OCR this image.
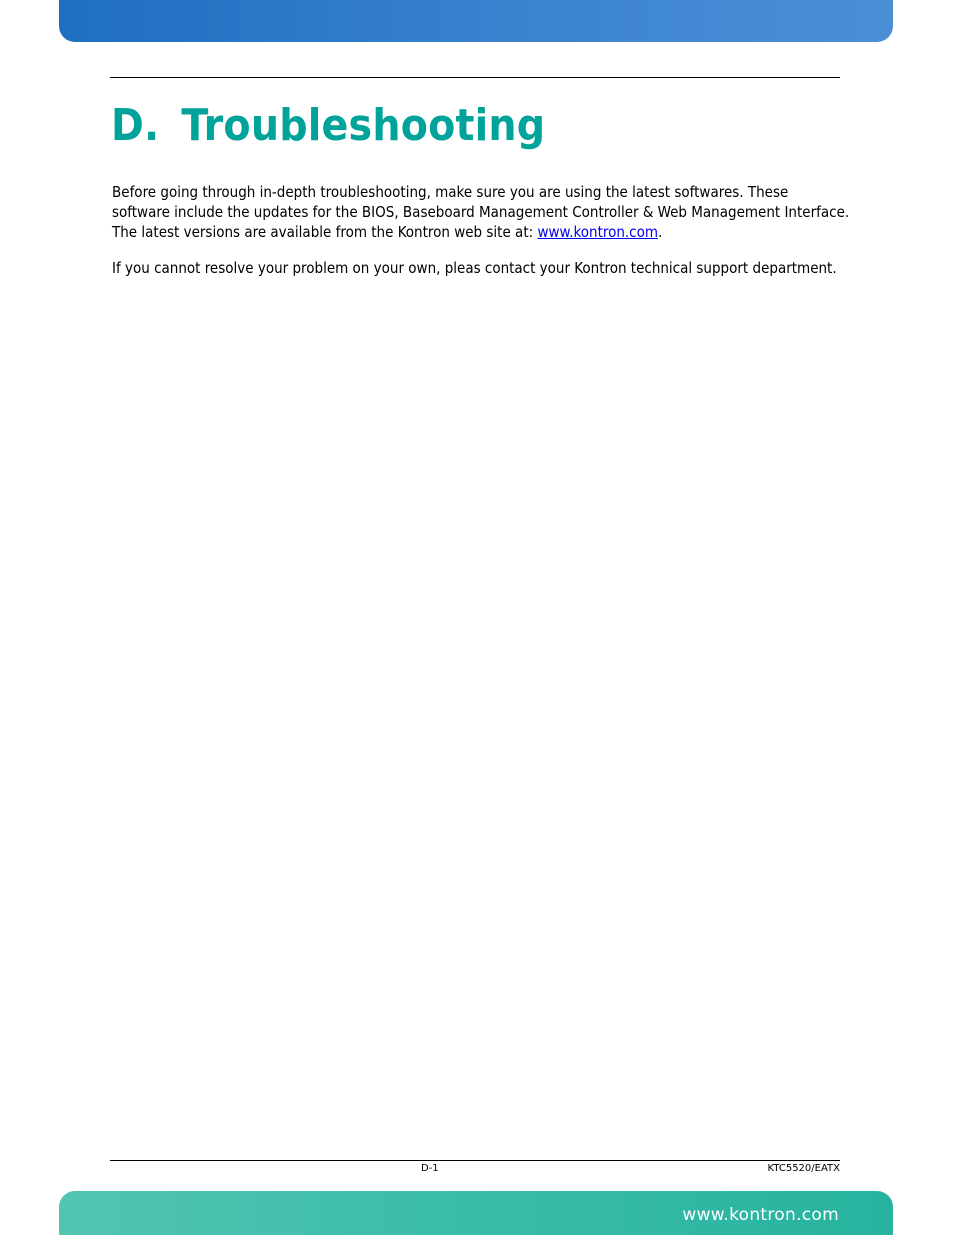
D. Troubleshooting

Before going through in-depth troubleshooting, make sure you are using the latest softwares. These
software include the updates for the BIOS, Baseboard Management Controller & Web Management Interface.
The latest versions are available from the Kontron web site at: www.kontron.com.

If you cannot resolve your problem on your own, pleas contact your Kontron technical support department.

D-1	KTC5520/EATX
www.kontron.com
